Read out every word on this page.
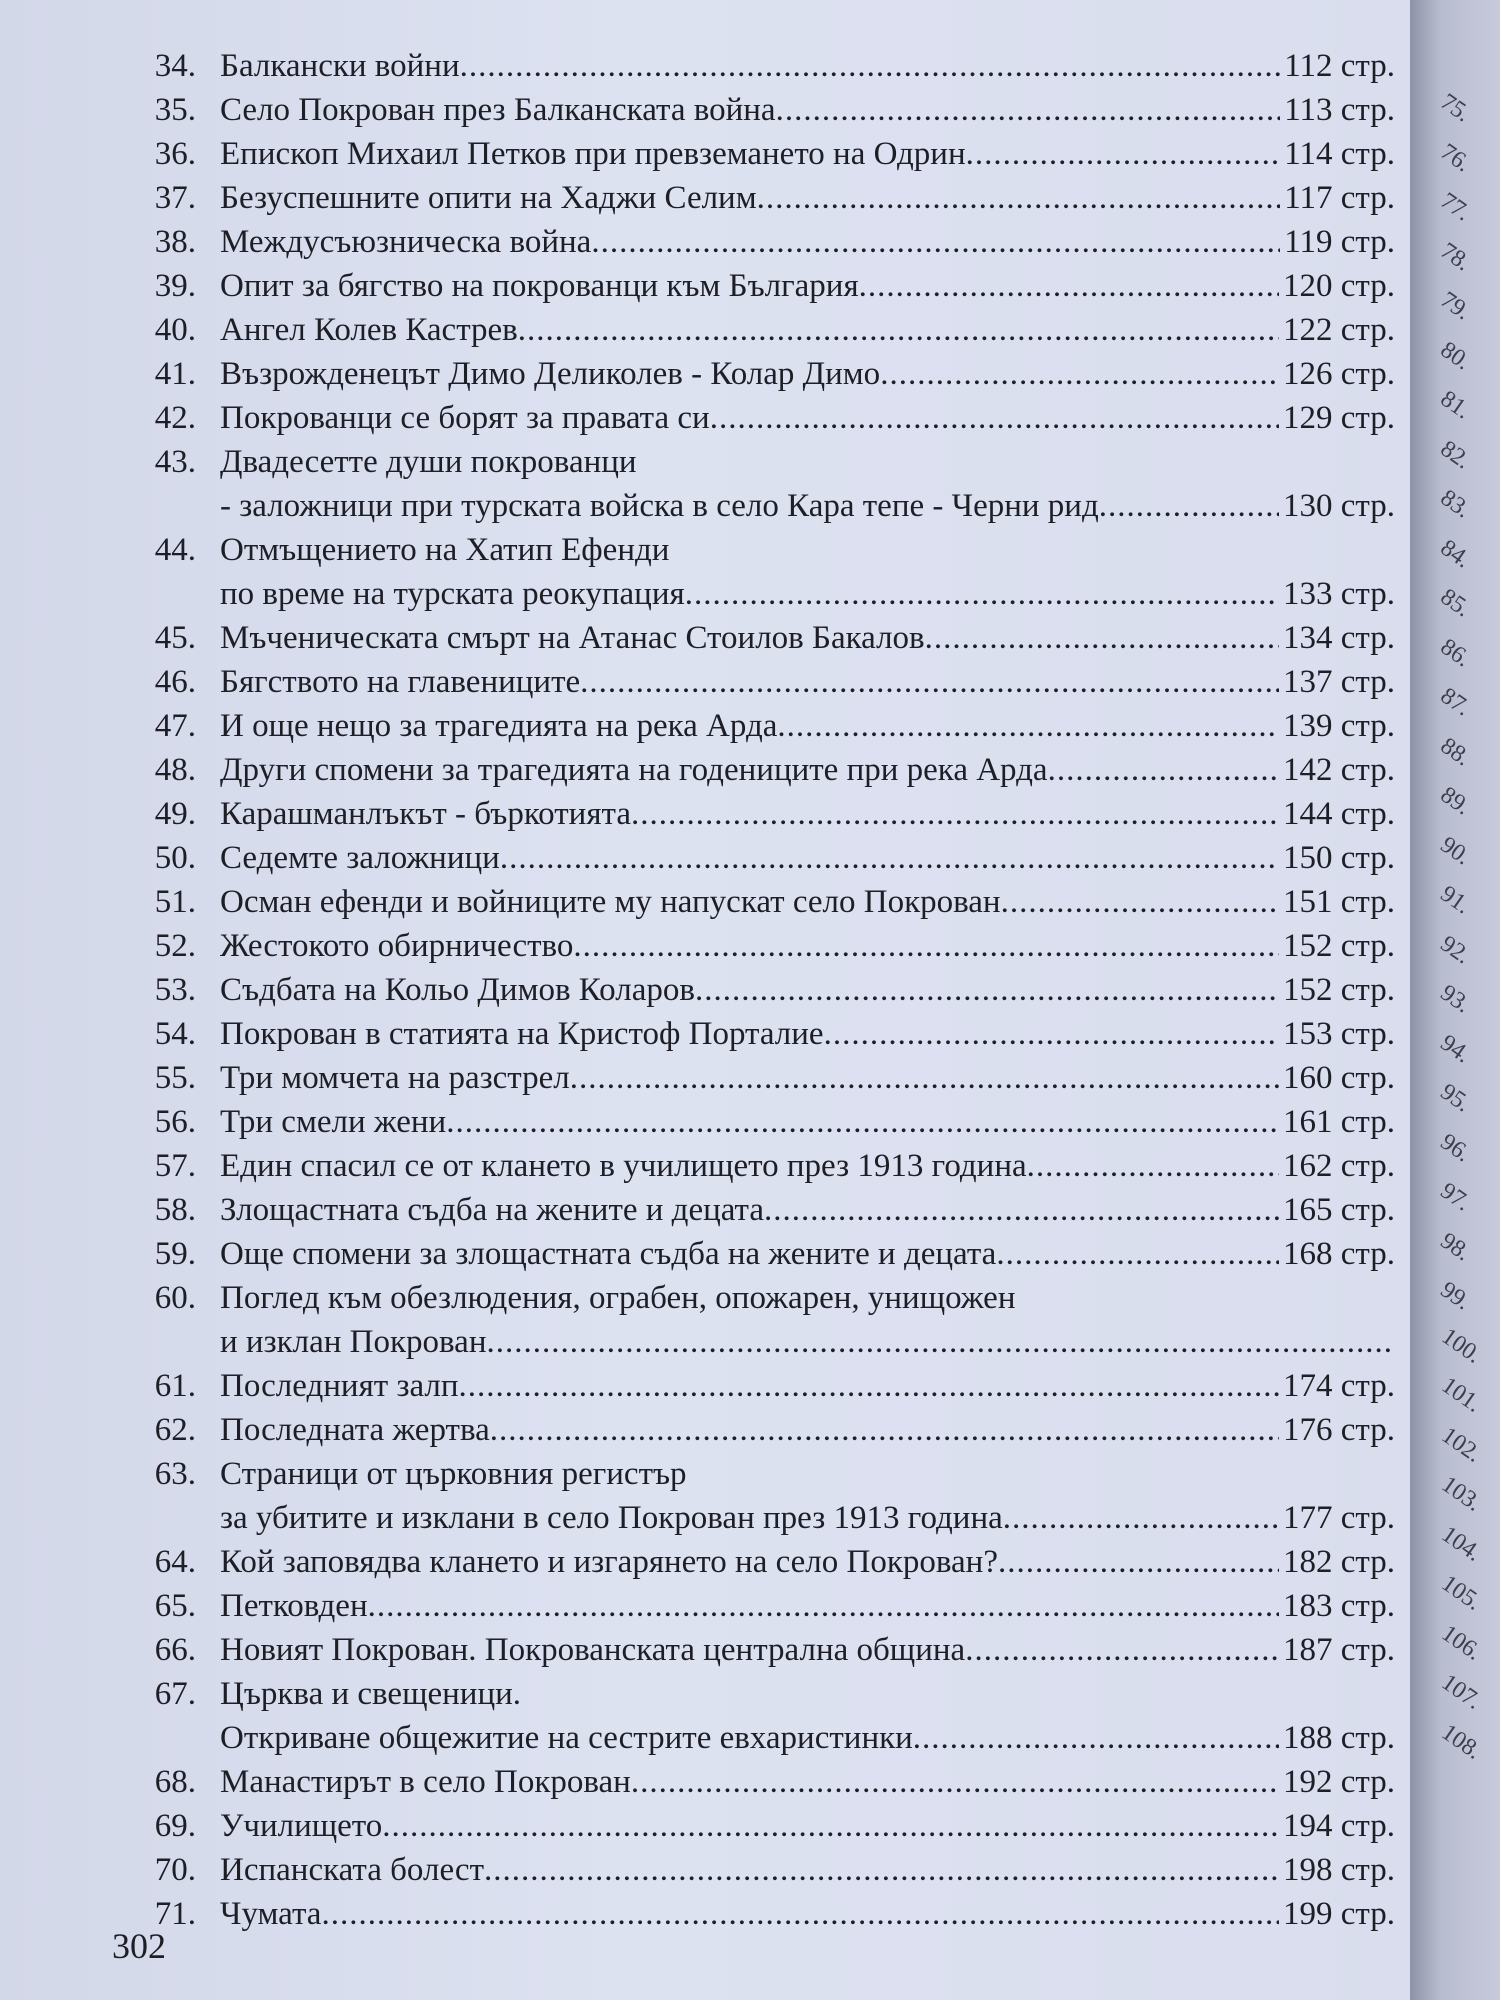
34. Балкански войни .....	112 стр.
35. Село Покрован през Балканската война .....	113 стр.
36. Епископ Михаил Петков при превземането на Одрин .....	114 стр.
37. Безуспешните опити на Хаджи Селим .....	117 стр.
38. Междусъюзническа война .....	119 стр.
39. Опит за бягство на покрованци към България .....	120 стр.
40. Ангел Колев Кастрев .....	122 стр.
41. Възрожденецът Димо Деликолев - Колар Димо .....	126 стр.
42. Покрованци се борят за правата си .....	129 стр.
43. Двадесетте души покрованци
- заложници при турската войска в село Кара тепе - Черни рид .....	130 стр.
44. Отмъщението на Хатип Ефенди
по време на турската реокупация .....	133 стр.
45. Мъченическата смърт на Атанас Стоилов Бакалов .....	134 стр.
46. Бягството на главениците .....	137 стр.
47. И още нещо за трагедията на река Арда .....	139 стр.
48. Други спомени за трагедията на годениците при река Арда .....	142 стр.
49. Карашманлъкът - бъркотията .....	144 стр.
50. Седемте заложници .....	150 стр.
51. Осман ефенди и войниците му напускат село Покрован .....	151 стр.
52. Жестокото обирничество .....	152 стр.
53. Съдбата на Кольо Димов Коларов .....	152 стр.
54. Покрован в статията на Кристоф Порталие .....	153 стр.
55. Три момчета на разстрел .....	160 стр.
56. Три смели жени .....	161 стр.
57. Един спасил се от клането в училището през 1913 година .....	162 стр.
58. Злощастната съдба на жените и децата .....	165 стр.
59. Още спомени за злощастната съдба на жените и децата .....	168 стр.
60. Поглед към обезлюдения, ограбен, опожарен, унищожен
и изклан Покрован
.....
61. Последният залп .....	174 стр.
62. Последната жертва .....	176 стр.
63. Страници от църковния регистър
за убитите и изклани в село Покрован през 1913 година .....	177 стр.
64. Кой заповядва клането и изгарянето на село Покрован? .....	182 стр.
65. Петковден .....	183 стр.
66. Новият Покрован. Покрованската централна община .....	187 стр.
67. Църква и свещеници.
Откриване общежитие на сестрите евхаристинки .....	188 стр.
68. Манастирът в село Покрован .....	192 стр.
69. Училището .....	194 стр.
70. Испанската болест .....	198 стр.
71. Чумата .....	199 стр.
302
75.
76.
77.
78.
79.
80.
81.
82.
83.
84.
85.
86.
87.
88.
89.
90.
91.
92.
93.
94.
95.
96.
97.
98.
99.
100.
101.
102.
103.
104.
105.
106.
107.
108.
